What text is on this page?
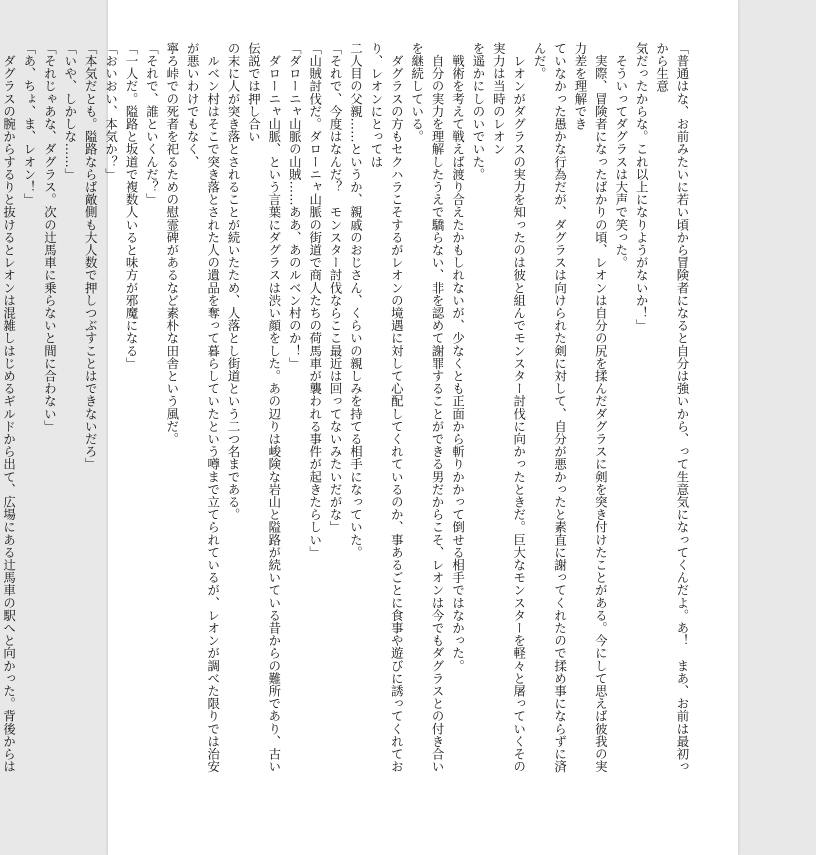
「普通はな、お前みたいに若い頃から冒険者になると自分は強いから、って生意気になってくんだよ。あ！　まあ、お前は最初っから生意
気だったからな。これ以上になりようがないか！」
　そういってダグラスは大声で笑った。
　実際、冒険者になったばかりの頃、レオンは自分の尻を揉んだダグラスに剣を突き付けたことがある。今にして思えば彼我の実力差を理解でき
ていなかった愚かな行為だが、ダグラスは向けられた剣に対して、自分が悪かったと素直に謝ってくれたので揉め事にならずに済んだ。
　レオンがダグラスの実力を知ったのは彼と組んでモンスター討伐に向かったときだ。巨大なモンスターを軽々と屠っていくその実力は当時のレオン
を遥かにしのいでいた。
　戦術を考えて戦えば渡り合えたかもしれないが、少なくとも正面から斬りかかって倒せる相手ではなかった。
　自分の実力を理解したうえで驕らない、非を認めて謝罪することができる男だからこそ、レオンは今でもダグラスとの付き合いを継続している。
　ダグラスの方もセクハラこそするがレオンの境遇に対して心配してくれているのか、事あるごとに食事や遊びに誘ってくれており、レオンにとっては
二人目の父親……というか、親戚のおじさん、くらいの親しみを持てる相手になっていた。
「それで、今度はなんだ？　モンスター討伐ならここ最近は回ってないみたいだがな」
「山賊討伐だ。ダローニャ山脈の街道で商人たちの荷馬車が襲われる事件が起きたらしい」
「ダローニャ山脈の山賊……ああ、あのルベン村のか！」
　ダローニャ山脈、という言葉にダグラスは渋い顔をした。あの辺りは峻険な岩山と隘路が続いている昔からの難所であり、古い伝説では押し合い
の末に人が突き落とされることが続いたため、人落とし街道という二つ名まである。
　ルベン村はそこで突き落とされた人の遺品を奪って暮らしていたという噂まで立てられているが、レオンが調べた限りでは治安が悪いわけでもなく、
寧ろ峠での死者を祀るための慰霊碑があるなど素朴な田舎という風だ。
「それで、誰といくんだ？」
「一人だ。隘路と坂道で複数人いると味方が邪魔になる」
「おいおい、本気か？」
「本気だとも。隘路ならば敵側も大人数で押しつぶすことはできないだろ」
「いや、しかしな……」
「それじゃあな、ダグラス。次の辻馬車に乗らないと間に合わない」
「あ、ちょ、ま、レオン！」
　ダグラスの腕からするりと抜けるとレオンは混雑しはじめるギルドから出て、広場にある辻馬車の駅へと向かった。背後からは
